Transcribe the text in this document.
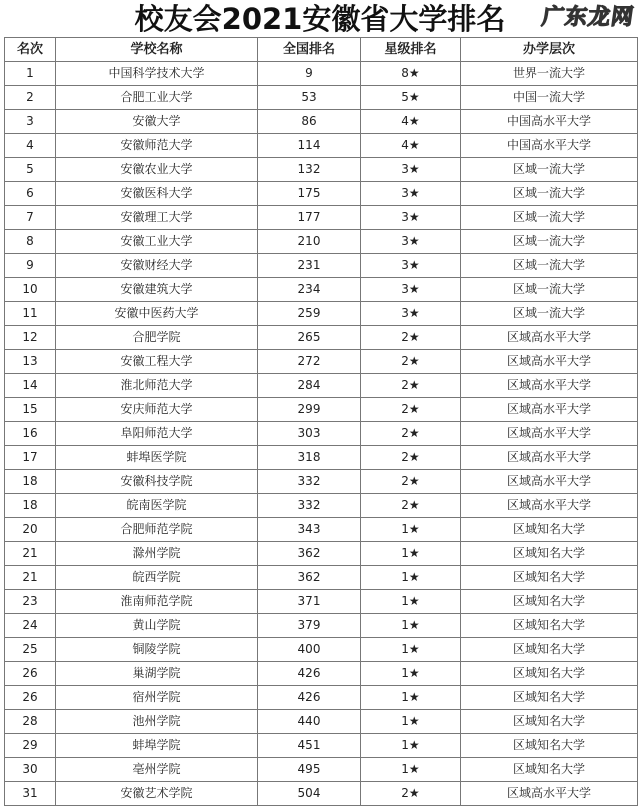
校友会2021安徽省大学排名
名次	学校名称	全国排名	星级排名	办学层次
1	中国科学技术大学	9	8★	世界一流大学
2	合肥工业大学	53	5★	中国一流大学
3	安徽大学	86	4★	中国高水平大学
4	安徽师范大学	114	4★	中国高水平大学
5	安徽农业大学	132	3★	区域一流大学
6	安徽医科大学	175	3★	区域一流大学
7	安徽理工大学	177	3★	区域一流大学
8	安徽工业大学	210	3★	区域一流大学
9	安徽财经大学	231	3★	区域一流大学
10	安徽建筑大学	234	3★	区域一流大学
11	安徽中医药大学	259	3★	区域一流大学
12	合肥学院	265	2★	区域高水平大学
13	安徽工程大学	272	2★	区域高水平大学
14	淮北师范大学	284	2★	区域高水平大学
15	安庆师范大学	299	2★	区域高水平大学
16	阜阳师范大学	303	2★	区域高水平大学
17	蚌埠医学院	318	2★	区域高水平大学
18	安徽科技学院	332	2★	区域高水平大学
18	皖南医学院	332	2★	区域高水平大学
20	合肥师范学院	343	1★	区域知名大学
21	滁州学院	362	1★	区域知名大学
21	皖西学院	362	1★	区域知名大学
23	淮南师范学院	371	1★	区域知名大学
24	黄山学院	379	1★	区域知名大学
25	铜陵学院	400	1★	区域知名大学
26	巢湖学院	426	1★	区域知名大学
26	宿州学院	426	1★	区域知名大学
28	池州学院	440	1★	区域知名大学
29	蚌埠学院	451	1★	区域知名大学
30	亳州学院	495	1★	区域知名大学
31	安徽艺术学院	504	2★	区域高水平大学
广东龙网
